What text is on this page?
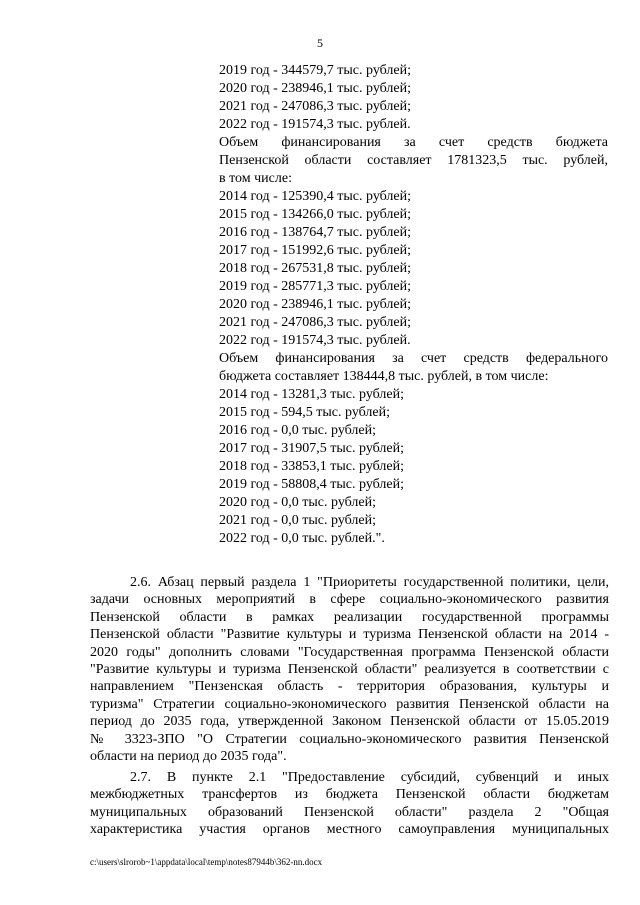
5
2019 год - 344579,7 тыс. рублей;
2020 год - 238946,1 тыс. рублей;
2021 год - 247086,3 тыс. рублей;
2022 год - 191574,3 тыс. рублей.
Объем финансирования за счет средств бюджета
Пензенской области составляет 1781323,5 тыс. рублей,
в том числе:
2014 год - 125390,4 тыс. рублей;
2015 год - 134266,0 тыс. рублей;
2016 год - 138764,7 тыс. рублей;
2017 год - 151992,6 тыс. рублей;
2018 год - 267531,8 тыс. рублей;
2019 год - 285771,3 тыс. рублей;
2020 год - 238946,1 тыс. рублей;
2021 год - 247086,3 тыс. рублей;
2022 год - 191574,3 тыс. рублей.
Объем финансирования за счет средств федерального
бюджета составляет 138444,8 тыс. рублей, в том числе:
2014 год - 13281,3 тыс. рублей;
2015 год - 594,5 тыс. рублей;
2016 год - 0,0 тыс. рублей;
2017 год - 31907,5 тыс. рублей;
2018 год - 33853,1 тыс. рублей;
2019 год - 58808,4 тыс. рублей;
2020 год - 0,0 тыс. рублей;
2021 год - 0,0 тыс. рублей;
2022 год - 0,0 тыс. рублей.".
2.6. Абзац первый раздела 1 "Приоритеты государственной политики, цели,
задачи основных мероприятий в сфере социально-экономического развития
Пензенской области в рамках реализации государственной программы
Пензенской области "Развитие культуры и туризма Пензенской области на 2014 -
2020 годы" дополнить словами "Государственная программа Пензенской области
"Развитие культуры и туризма Пензенской области" реализуется в соответствии с
направлением "Пензенская область - территория образования, культуры и
туризма" Стратегии социально-экономического развития Пензенской области на
период до 2035 года, утвержденной Законом Пензенской области от 15.05.2019
№ 3323-ЗПО "О Стратегии социально-экономического развития Пензенской
области на период до 2035 года".
2.7. В пункте 2.1 "Предоставление субсидий, субвенций и иных
межбюджетных трансфертов из бюджета Пензенской области бюджетам
муниципальных образований Пензенской области" раздела 2 "Общая
характеристика участия органов местного самоуправления муниципальных
c:\users\slrorob~1\appdata\local\temp\notes87944b\362-nn.docx
